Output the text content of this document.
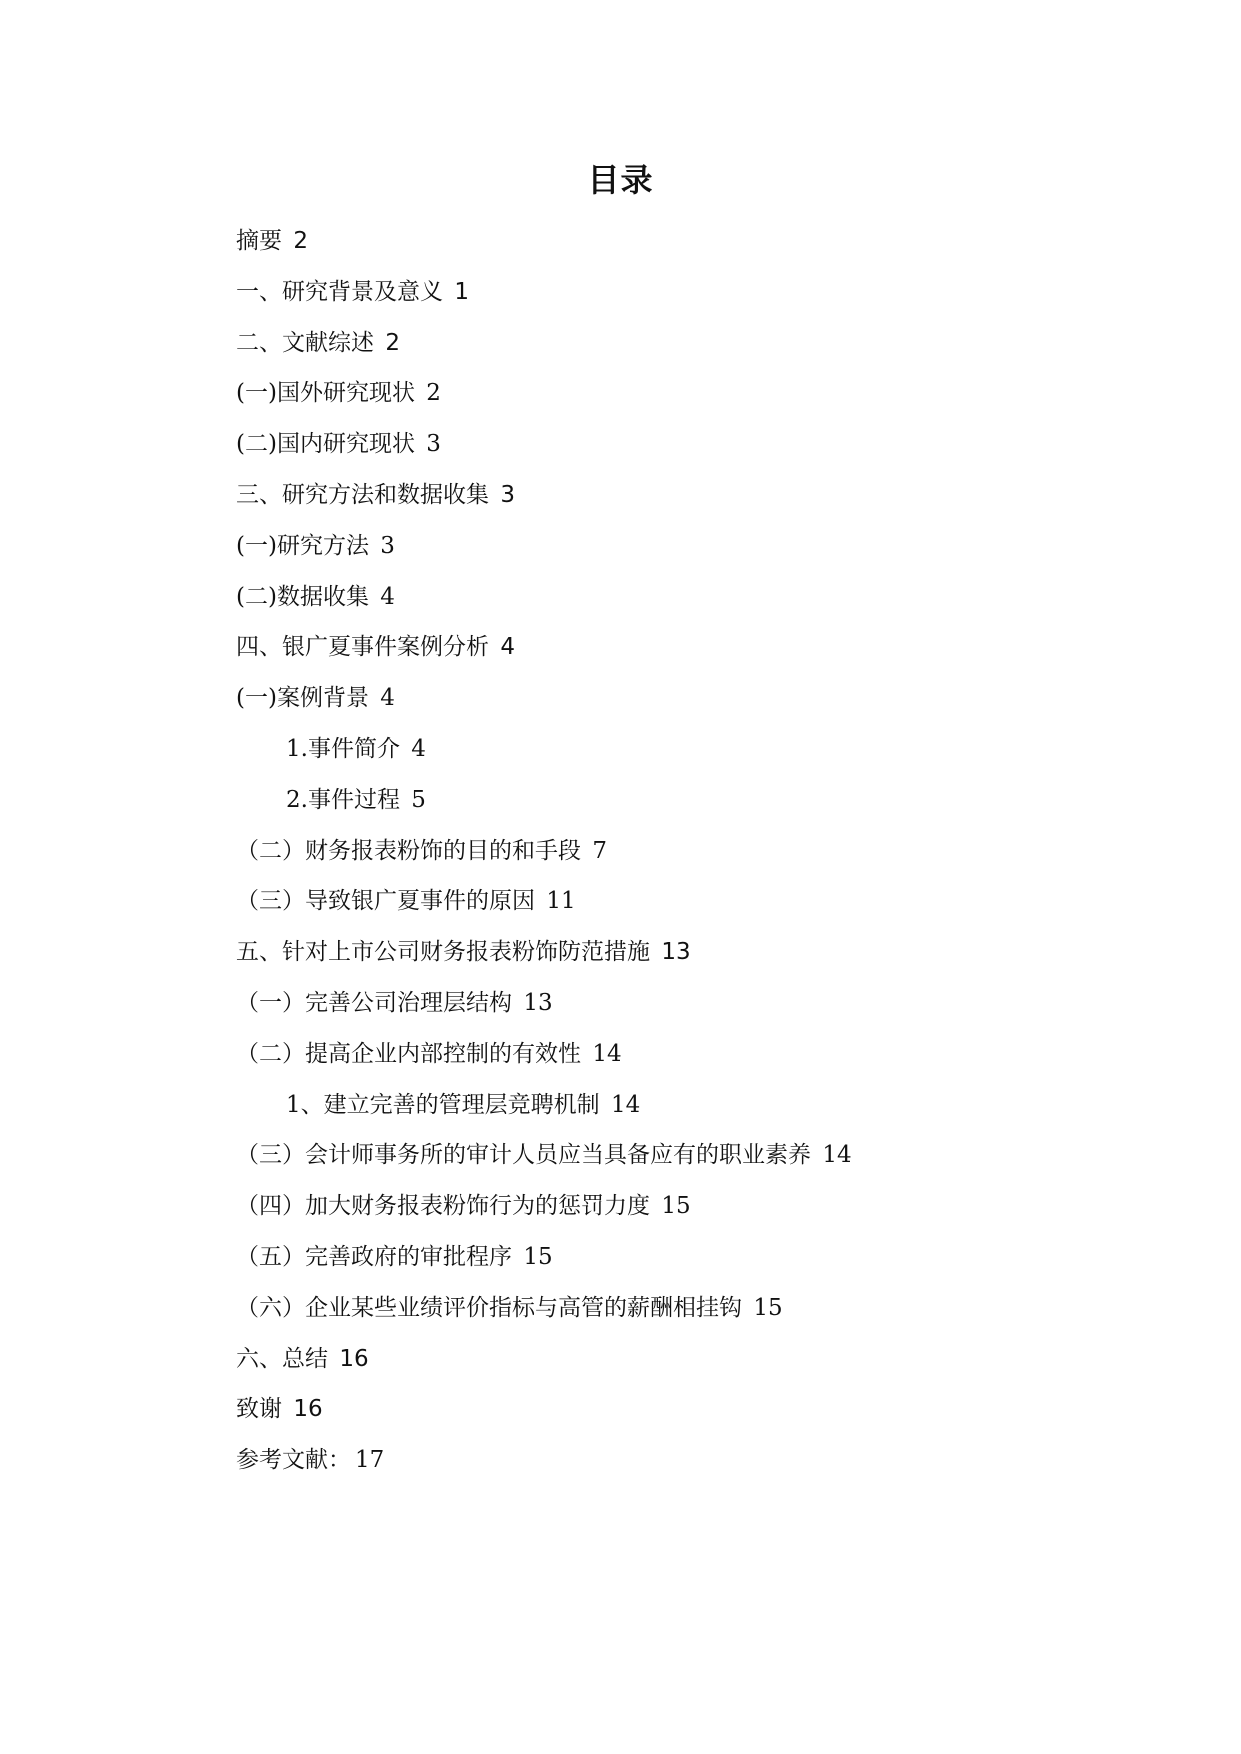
目录
摘要 2
一、研究背景及意义 1
二、文献综述 2
(一)国外研究现状 2
(二)国内研究现状 3
三、研究方法和数据收集 3
(一)研究方法 3
(二)数据收集 4
四、银广夏事件案例分析 4
(一)案例背景 4
1.事件简介 4
2.事件过程 5
（二）财务报表粉饰的目的和手段 7
（三）导致银广夏事件的原因 11
五、针对上市公司财务报表粉饰防范措施 13
（一）完善公司治理层结构 13
（二）提高企业内部控制的有效性 14
1、建立完善的管理层竞聘机制 14
（三）会计师事务所的审计人员应当具备应有的职业素养 14
（四）加大财务报表粉饰行为的惩罚力度 15
（五）完善政府的审批程序 15
（六）企业某些业绩评价指标与高管的薪酬相挂钩 15
六、总结 16
致谢 16
参考文献： 17
